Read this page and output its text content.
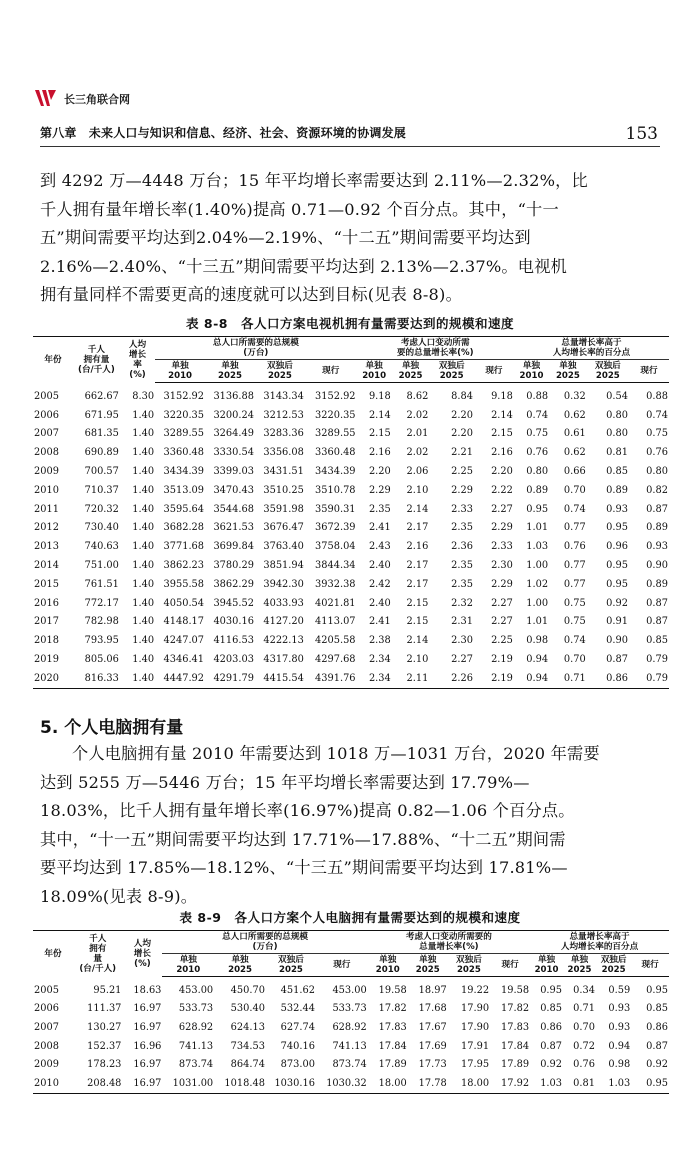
长三角联合网
第八章　未来人口与知识和信息、经济、社会、资源环境的协调发展	153

到 4292 万—4448 万台；15 年平均增长率需要达到 2.11%—2.32%，比
千人拥有量年增长率(1.40%)提高 0.71—0.92 个百分点。其中，“十一
五”期间需要平均达到2.04%—2.19%、“十二五”期间需要平均达到
2.16%—2.40%、“十三五”期间需要平均达到 2.13%—2.37%。电视机
拥有量同样不需要更高的速度就可以达到目标(见表 8-8)。

表 8-8　各人口方案电视机拥有量需要达到的规模和速度
年份	千人
拥有量
(台/千人)	人均
增长
率
(%)	总人口所需要的总规模
(万台)				考虑人口变动所需
要的总量增长率(%)				总量增长率高于
人均增长率的百分点			
			单独
2010	单独
2025	双独后
2025	现行	单独
2010	单独
2025	双独后
2025	现行	单独
2010	单独
2025	双独后
2025	现行
2005	662.67	8.30	3152.92	3136.88	3143.34	3152.92	9.18	8.62	8.84	9.18	0.88	0.32	0.54	0.88
2006	671.95	1.40	3220.35	3200.24	3212.53	3220.35	2.14	2.02	2.20	2.14	0.74	0.62	0.80	0.74
2007	681.35	1.40	3289.55	3264.49	3283.36	3289.55	2.15	2.01	2.20	2.15	0.75	0.61	0.80	0.75
2008	690.89	1.40	3360.48	3330.54	3356.08	3360.48	2.16	2.02	2.21	2.16	0.76	0.62	0.81	0.76
2009	700.57	1.40	3434.39	3399.03	3431.51	3434.39	2.20	2.06	2.25	2.20	0.80	0.66	0.85	0.80
2010	710.37	1.40	3513.09	3470.43	3510.25	3510.78	2.29	2.10	2.29	2.22	0.89	0.70	0.89	0.82
2011	720.32	1.40	3595.64	3544.68	3591.98	3590.31	2.35	2.14	2.33	2.27	0.95	0.74	0.93	0.87
2012	730.40	1.40	3682.28	3621.53	3676.47	3672.39	2.41	2.17	2.35	2.29	1.01	0.77	0.95	0.89
2013	740.63	1.40	3771.68	3699.84	3763.40	3758.04	2.43	2.16	2.36	2.33	1.03	0.76	0.96	0.93
2014	751.00	1.40	3862.23	3780.29	3851.94	3844.34	2.40	2.17	2.35	2.30	1.00	0.77	0.95	0.90
2015	761.51	1.40	3955.58	3862.29	3942.30	3932.38	2.42	2.17	2.35	2.29	1.02	0.77	0.95	0.89
2016	772.17	1.40	4050.54	3945.52	4033.93	4021.81	2.40	2.15	2.32	2.27	1.00	0.75	0.92	0.87
2017	782.98	1.40	4148.17	4030.16	4127.20	4113.07	2.41	2.15	2.31	2.27	1.01	0.75	0.91	0.87
2018	793.95	1.40	4247.07	4116.53	4222.13	4205.58	2.38	2.14	2.30	2.25	0.98	0.74	0.90	0.85
2019	805.06	1.40	4346.41	4203.03	4317.80	4297.68	2.34	2.10	2.27	2.19	0.94	0.70	0.87	0.79
2020	816.33	1.40	4447.92	4291.79	4415.54	4391.76	2.34	2.11	2.26	2.19	0.94	0.71	0.86	0.79
5. 个人电脑拥有量

个人电脑拥有量 2010 年需要达到 1018 万—1031 万台，2020 年需要
达到 5255 万—5446 万台；15 年平均增长率需要达到 17.79%—
18.03%，比千人拥有量年增长率(16.97%)提高 0.82—1.06 个百分点。
其中，“十一五”期间需要平均达到 17.71%—17.88%、“十二五”期间需
要平均达到 17.85%—18.12%、“十三五”期间需要平均达到 17.81%—
18.09%(见表 8-9)。

表 8-9　各人口方案个人电脑拥有量需要达到的规模和速度
年份	千人
拥有
量
(台/千人)	人均
增长
(%)	总人口所需要的总规模
(万台)				考虑人口变动所需要的
总量增长率(%)				总量增长率高于
人均增长率的百分点			
			单独
2010	单独
2025	双独后
2025	现行	单独
2010	单独
2025	双独后
2025	现行	单独
2010	单独
2025	双独后
2025	现行
2005	95.21	18.63	453.00	450.70	451.62	453.00	19.58	18.97	19.22	19.58	0.95	0.34	0.59	0.95
2006	111.37	16.97	533.73	530.40	532.44	533.73	17.82	17.68	17.90	17.82	0.85	0.71	0.93	0.85
2007	130.27	16.97	628.92	624.13	627.74	628.92	17.83	17.67	17.90	17.83	0.86	0.70	0.93	0.86
2008	152.37	16.96	741.13	734.53	740.16	741.13	17.84	17.69	17.91	17.84	0.87	0.72	0.94	0.87
2009	178.23	16.97	873.74	864.74	873.00	873.74	17.89	17.73	17.95	17.89	0.92	0.76	0.98	0.92
2010	208.48	16.97	1031.00	1018.48	1030.16	1030.32	18.00	17.78	18.00	17.92	1.03	0.81	1.03	0.95
